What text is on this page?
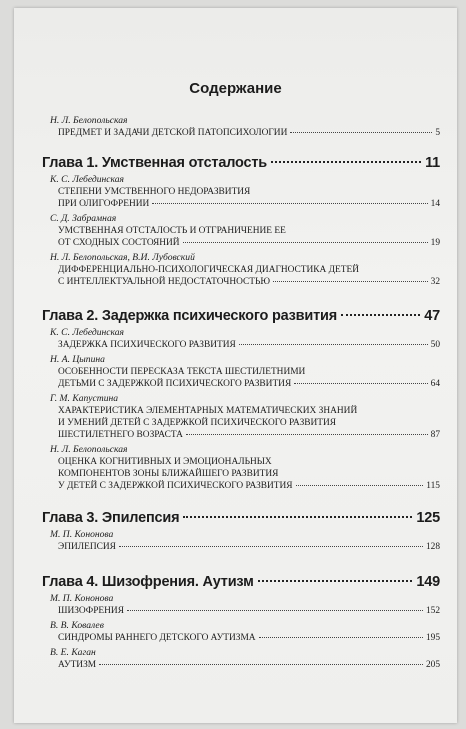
Содержание
Н. Л. Белопольская
ПРЕДМЕТ И ЗАДАЧИ ДЕТСКОЙ ПАТОПСИХОЛОГИИ	5
Глава 1. Умственная отсталость	11
К. С. Лебединская
СТЕПЕНИ УМСТВЕННОГО НЕДОРАЗВИТИЯ
ПРИ ОЛИГОФРЕНИИ	14
С. Д. Забрамная
УМСТВЕННАЯ ОТСТАЛОСТЬ И ОТГРАНИЧЕНИЕ ЕЕ
ОТ СХОДНЫХ СОСТОЯНИЙ	19
Н. Л. Белопольская, В.И. Лубовский
ДИФФЕРЕНЦИАЛЬНО-ПСИХОЛОГИЧЕСКАЯ ДИАГНОСТИКА ДЕТЕЙ
С ИНТЕЛЛЕКТУАЛЬНОЙ НЕДОСТАТОЧНОСТЬЮ	32
Глава 2. Задержка психического развития	47
К. С. Лебединская
ЗАДЕРЖКА ПСИХИЧЕСКОГО РАЗВИТИЯ	50
Н. А. Цыпина
ОСОБЕННОСТИ ПЕРЕСКАЗА ТЕКСТА ШЕСТИЛЕТНИМИ
ДЕТЬМИ С ЗАДЕРЖКОЙ ПСИХИЧЕСКОГО РАЗВИТИЯ	64
Г. М. Капустина
ХАРАКТЕРИСТИКА ЭЛЕМЕНТАРНЫХ МАТЕМАТИЧЕСКИХ ЗНАНИЙ
И УМЕНИЙ ДЕТЕЙ С ЗАДЕРЖКОЙ ПСИХИЧЕСКОГО РАЗВИТИЯ
ШЕСТИЛЕТНЕГО ВОЗРАСТА	87
Н. Л. Белопольская
ОЦЕНКА КОГНИТИВНЫХ И ЭМОЦИОНАЛЬНЫХ
КОМПОНЕНТОВ ЗОНЫ БЛИЖАЙШЕГО РАЗВИТИЯ
У ДЕТЕЙ С ЗАДЕРЖКОЙ ПСИХИЧЕСКОГО РАЗВИТИЯ	115
Глава 3. Эпилепсия	125
М. П. Кононова
ЭПИЛЕПСИЯ	128
Глава 4. Шизофрения. Аутизм	149
М. П. Кононова
ШИЗОФРЕНИЯ	152
В. В. Ковалев
СИНДРОМЫ РАННЕГО ДЕТСКОГО АУТИЗМА	195
В. Е. Каган
АУТИЗМ	205
